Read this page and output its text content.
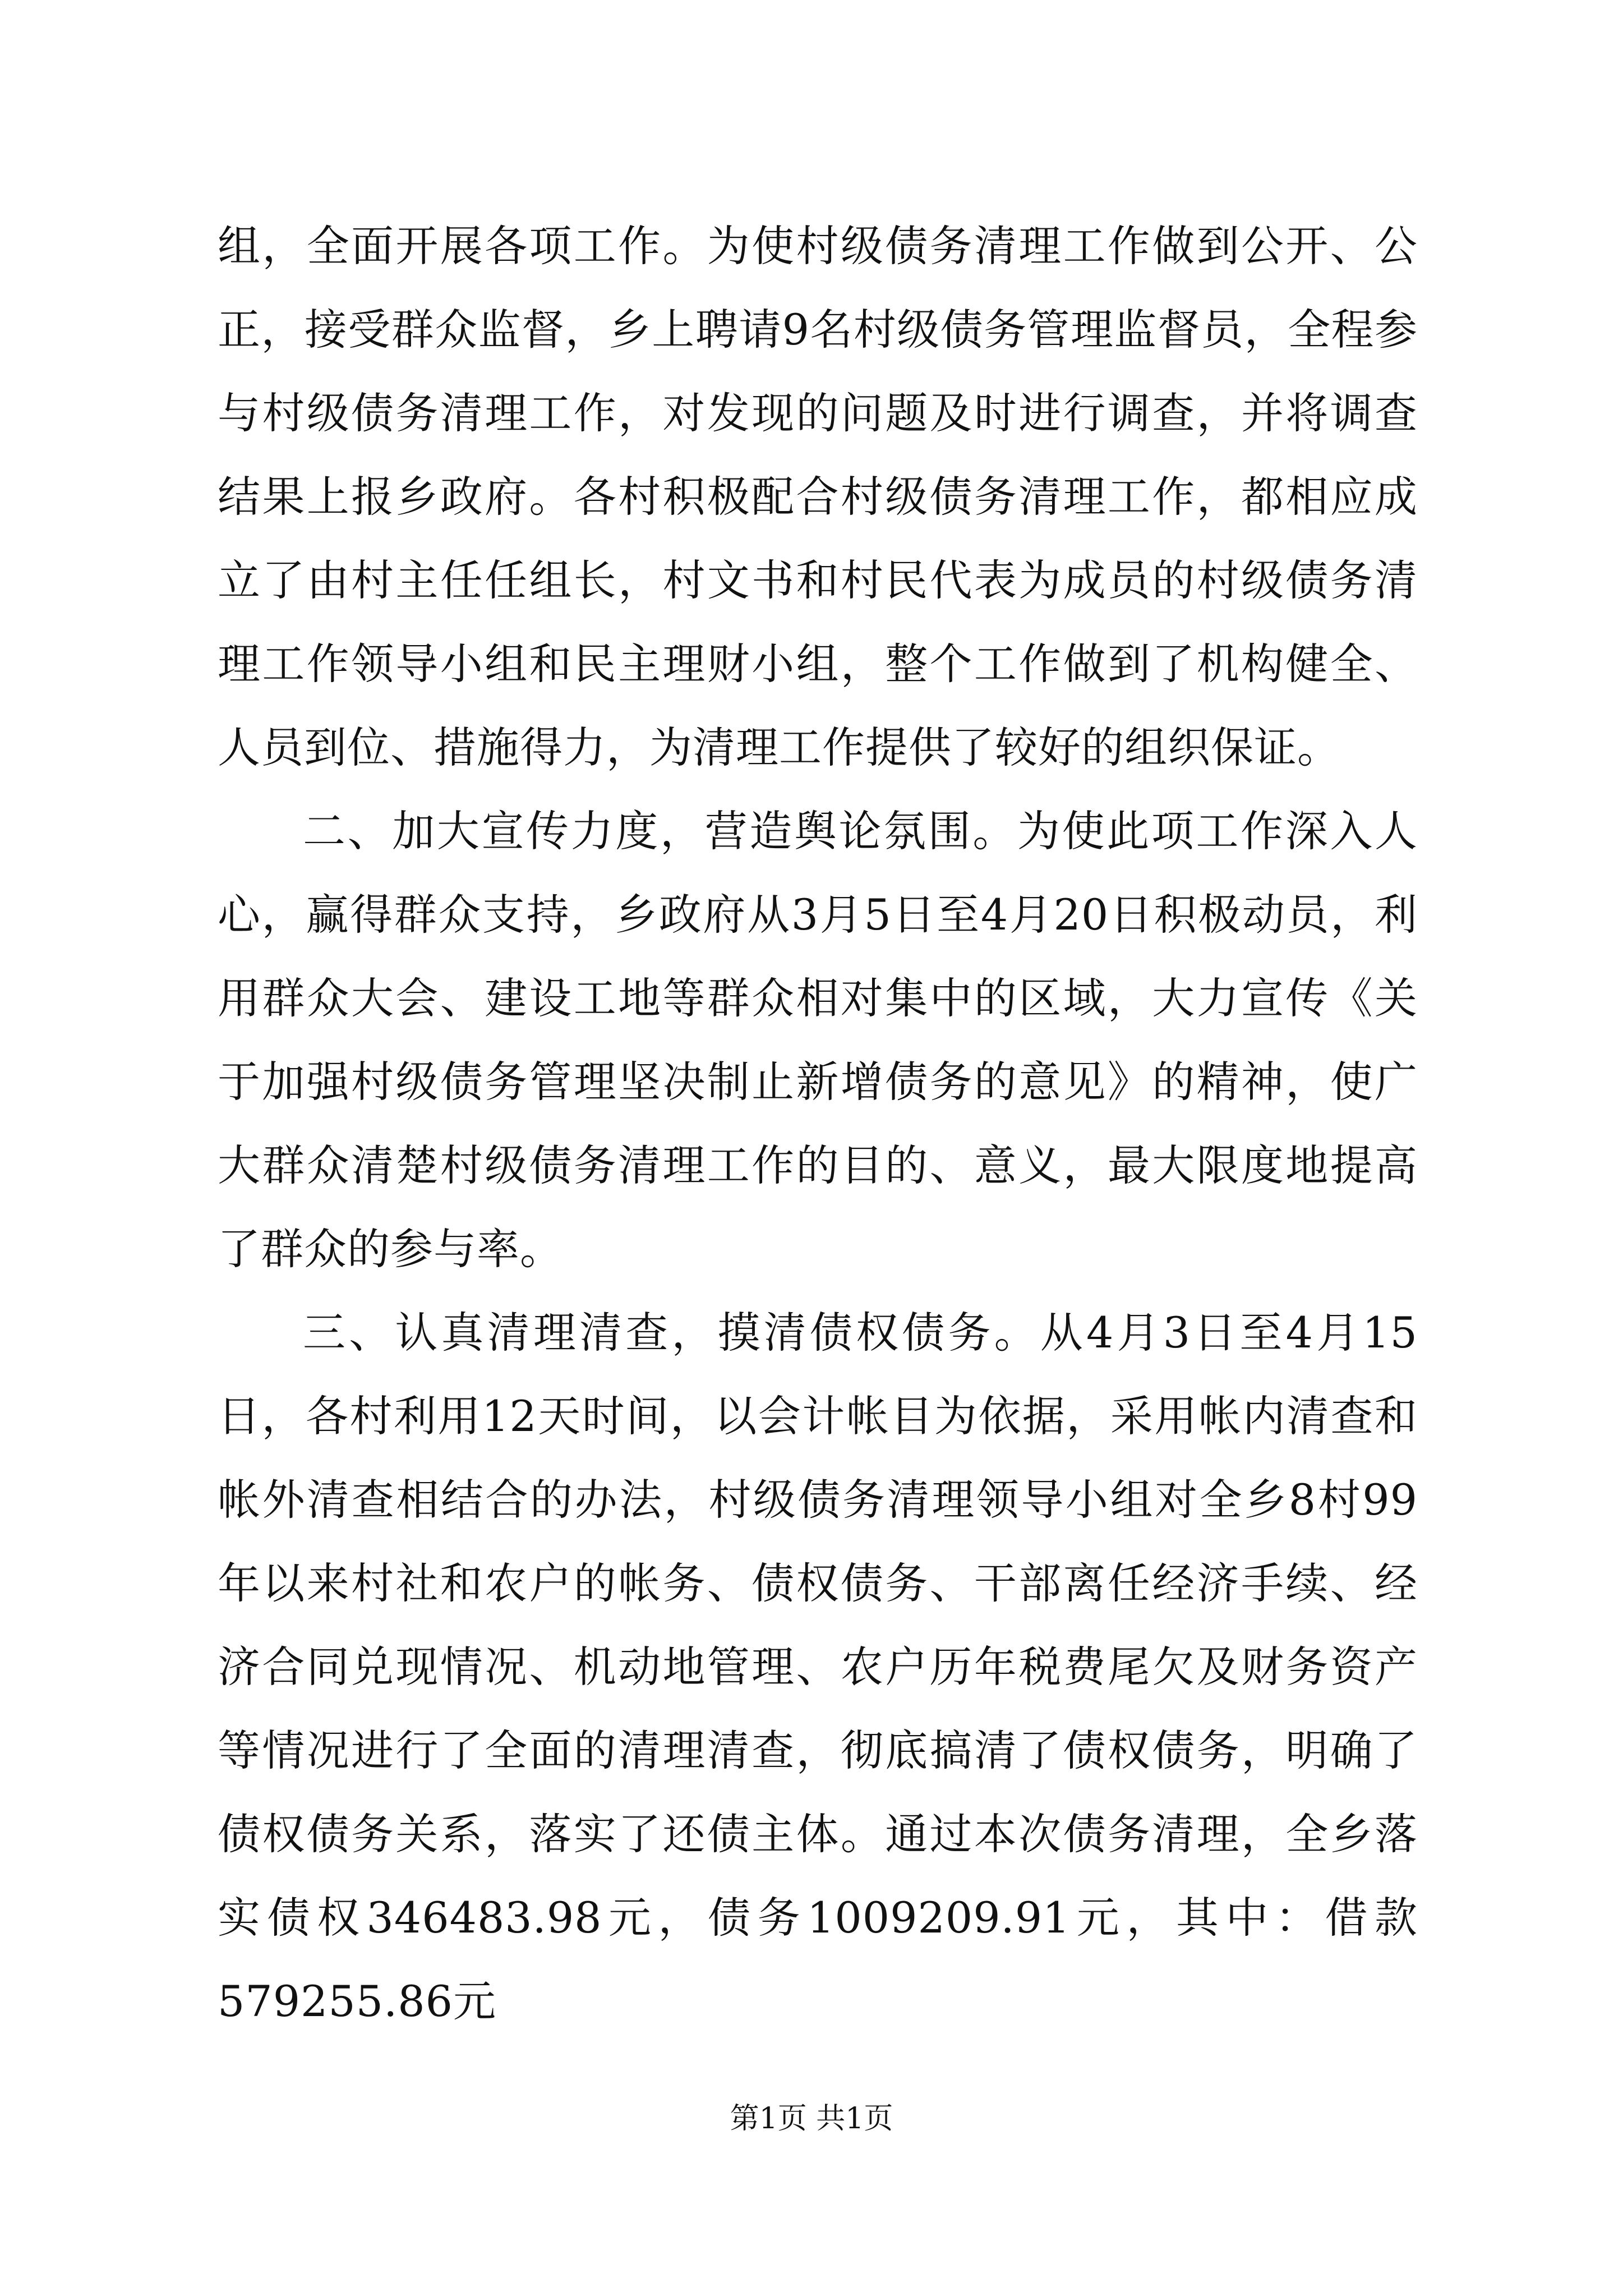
组，全面开展各项工作。为使村级债务清理工作做到公开、公正，接受群众监督，乡上聘请9名村级债务管理监督员，全程参与村级债务清理工作，对发现的问题及时进行调查，并将调查结果上报乡政府。各村积极配合村级债务清理工作，都相应成立了由村主任任组长，村文书和村民代表为成员的村级债务清理工作领导小组和民主理财小组，整个工作做到了机构健全、人员到位、措施得力，为清理工作提供了较好的组织保证。

二、加大宣传力度，营造舆论氛围。为使此项工作深入人心，赢得群众支持，乡政府从3月5日至4月20日积极动员，利用群众大会、建设工地等群众相对集中的区域，大力宣传《关于加强村级债务管理坚决制止新增债务的意见》的精神，使广大群众清楚村级债务清理工作的目的、意义，最大限度地提高了群众的参与率。

三、认真清理清查，摸清债权债务。从4月3日至4月15日，各村利用12天时间，以会计帐目为依据，采用帐内清查和帐外清查相结合的办法，村级债务清理领导小组对全乡8村99年以来村社和农户的帐务、债权债务、干部离任经济手续、经济合同兑现情况、机动地管理、农户历年税费尾欠及财务资产等情况进行了全面的清理清查，彻底搞清了债权债务，明确了债权债务关系，落实了还债主体。通过本次债务清理，全乡落实债权346483.98元，债务1009209.91元，其中：借款579255.86元

第1页 共1页
